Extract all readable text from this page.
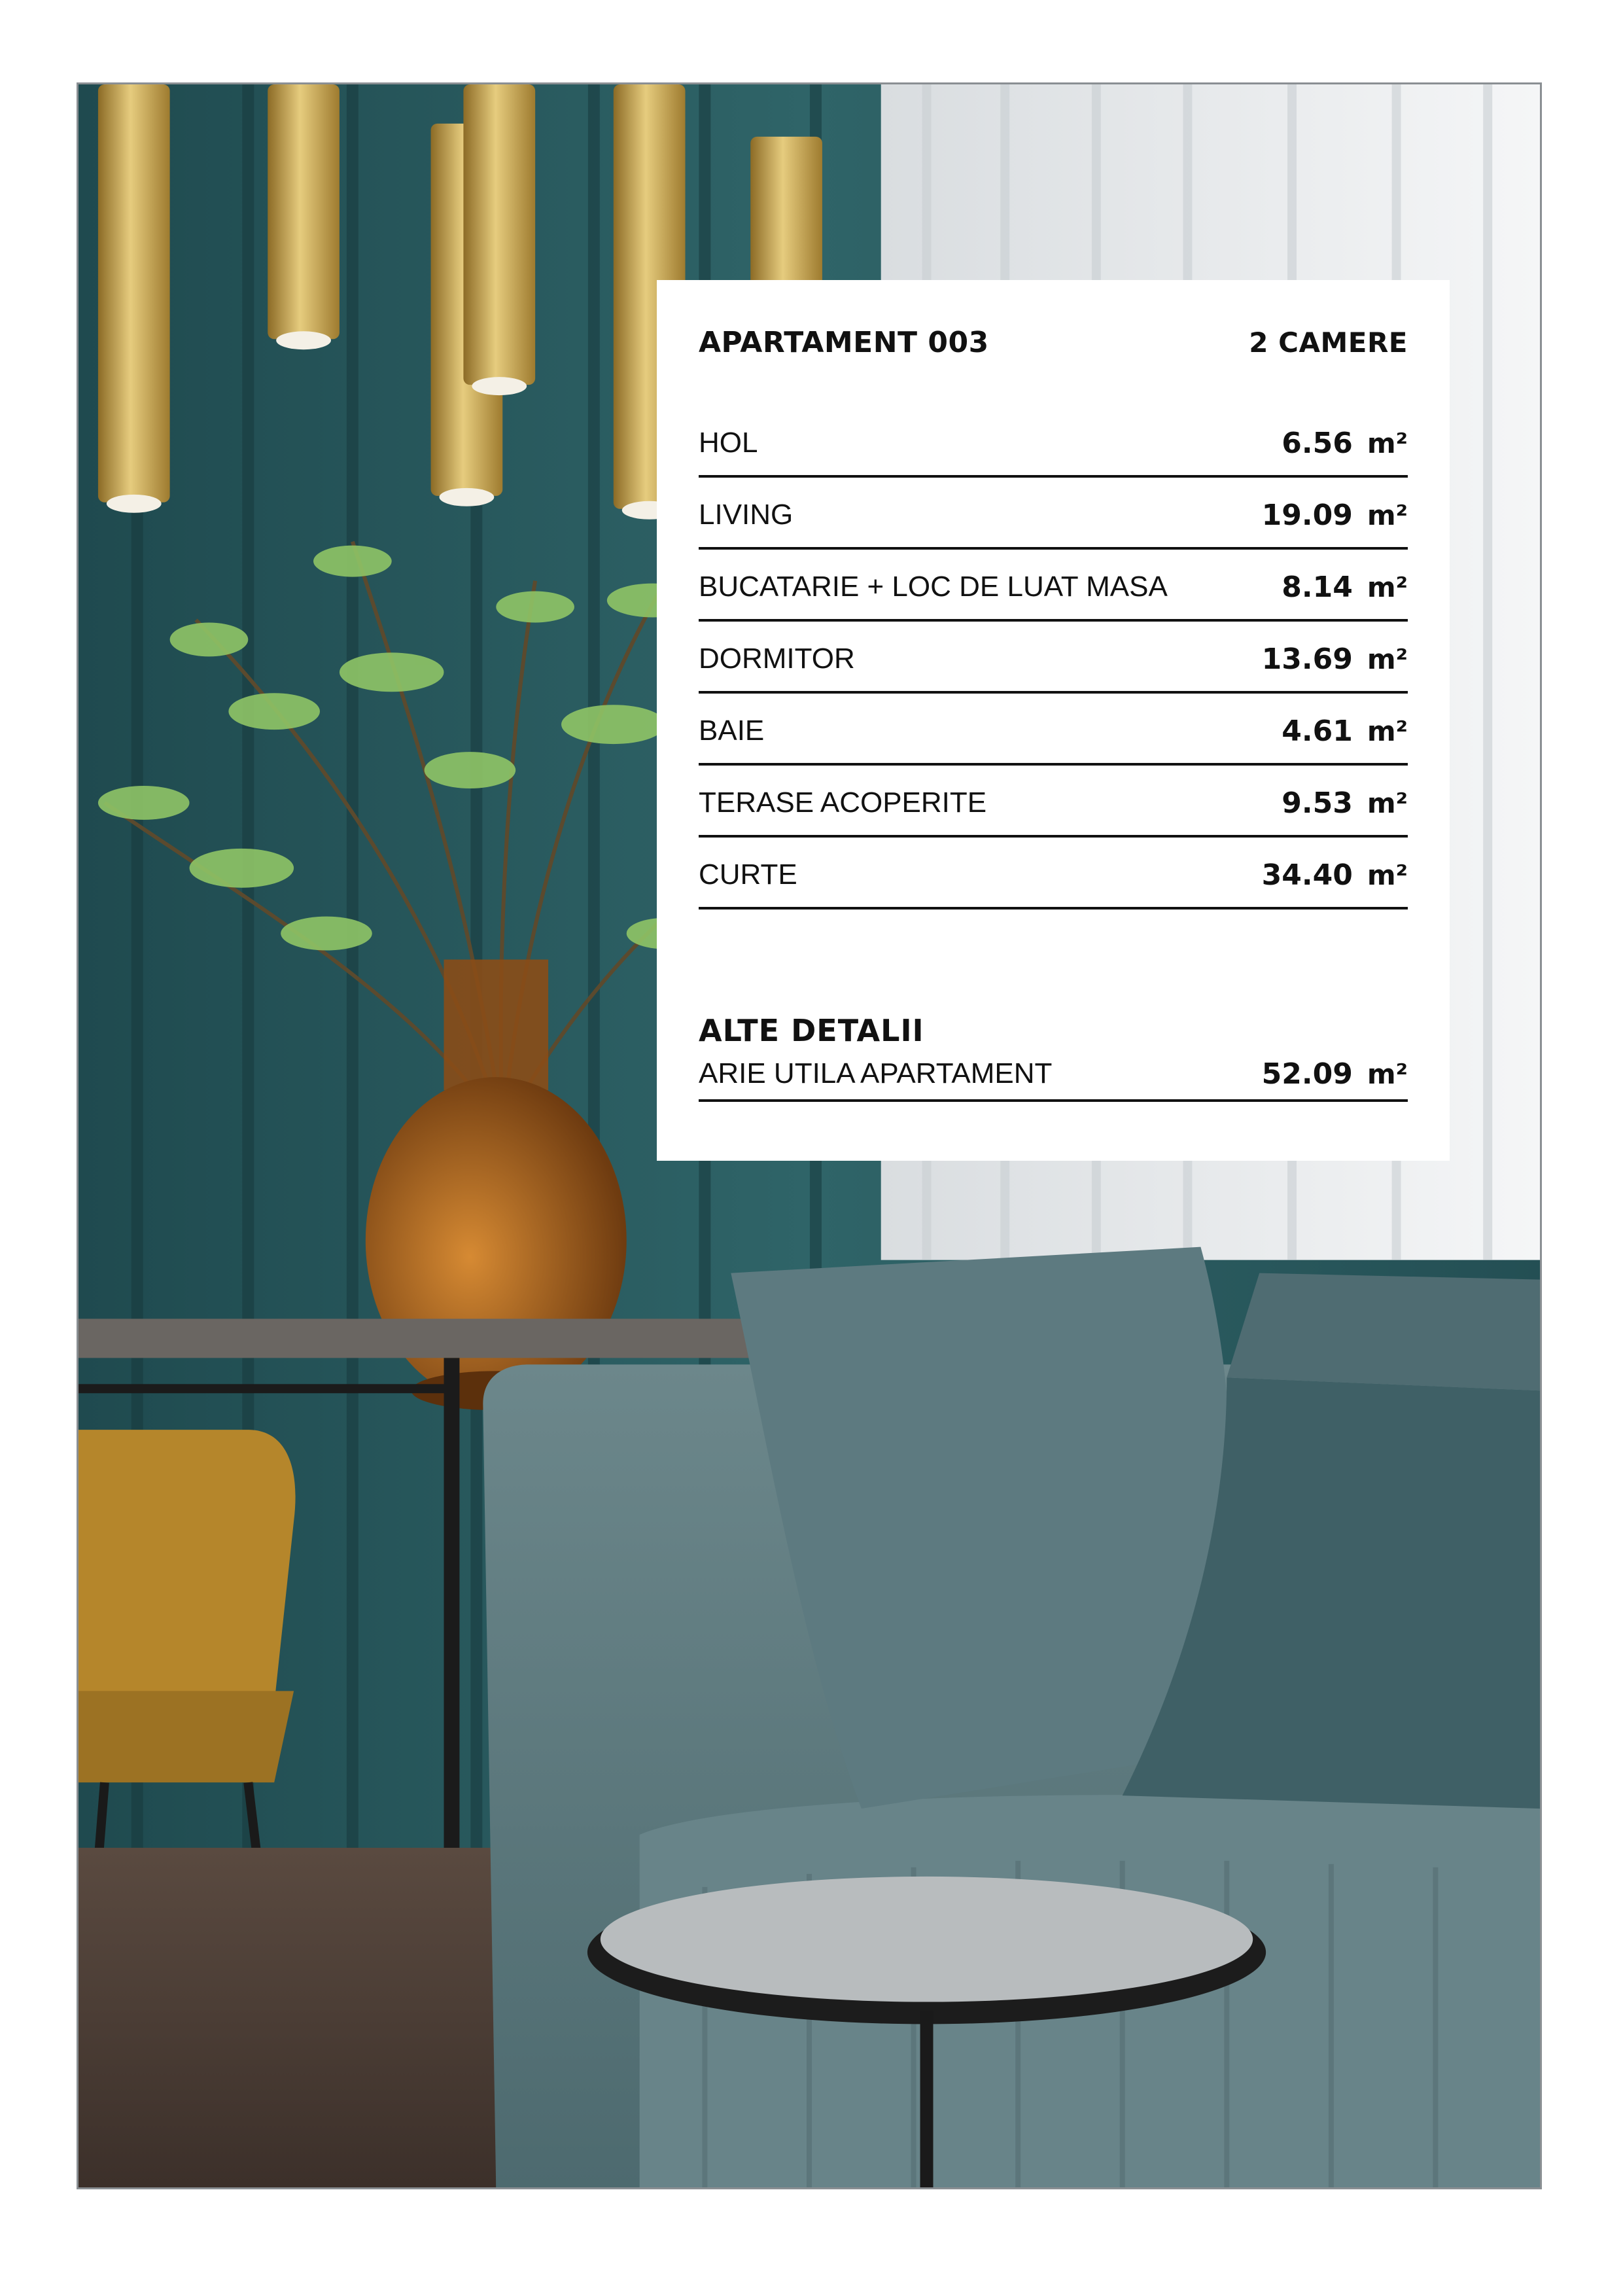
APARTAMENT 003	2 CAMERE
HOL	6.56 m²
LIVING	19.09 m²
BUCATARIE + LOC DE LUAT MASA	8.14 m²
DORMITOR	13.69 m²
BAIE	4.61 m²
TERASE ACOPERITE	9.53 m²
CURTE	34.40 m²
ALTE DETALII
ARIE UTILA APARTAMENT	52.09 m²
